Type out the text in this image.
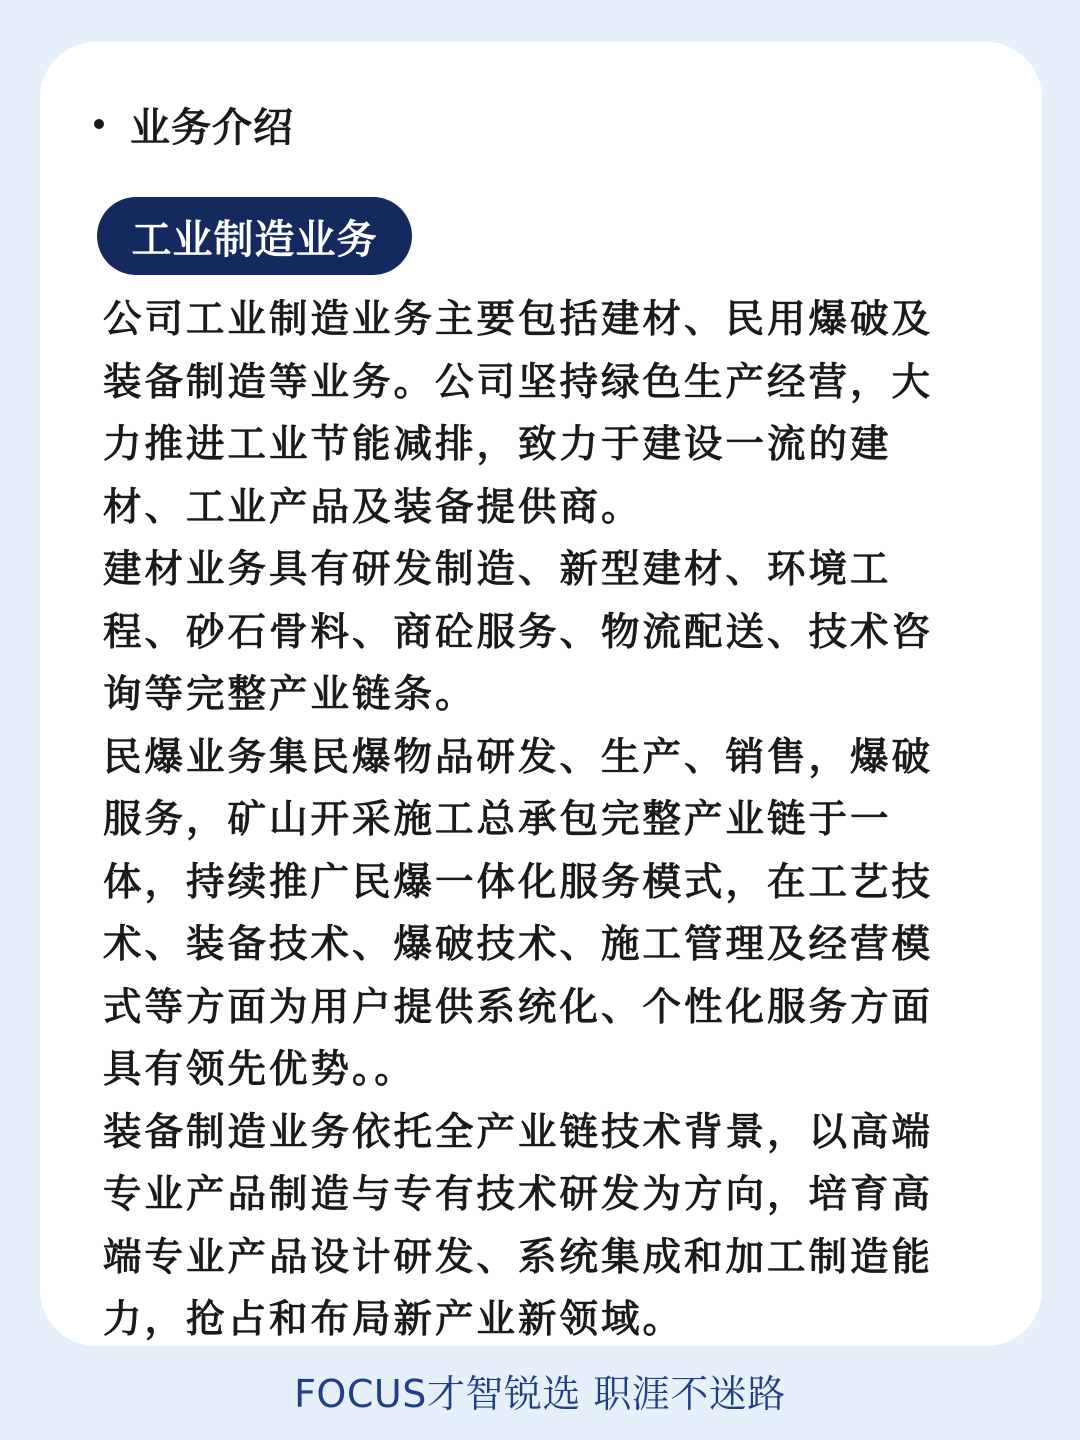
业务介绍
工业制造业务

公司工业制造业务主要包括建材、民用爆破及装备制造等业务。公司坚持绿色生产经营，大力推进工业节能减排，致力于建设一流的建材、工业产品及装备提供商。

建材业务具有研发制造、新型建材、环境工程、砂石骨料、商砼服务、物流配送、技术咨询等完整产业链条。

民爆业务集民爆物品研发、生产、销售，爆破服务，矿山开采施工总承包完整产业链于一体，持续推广民爆一体化服务模式，在工艺技术、装备技术、爆破技术、施工管理及经营模式等方面为用户提供系统化、个性化服务方面具有领先优势。。

装备制造业务依托全产业链技术背景，以高端专业产品制造与专有技术研发为方向，培育高端专业产品设计研发、系统集成和加工制造能力，抢占和布局新产业新领域。

FOCUS才智锐选 职涯不迷路
